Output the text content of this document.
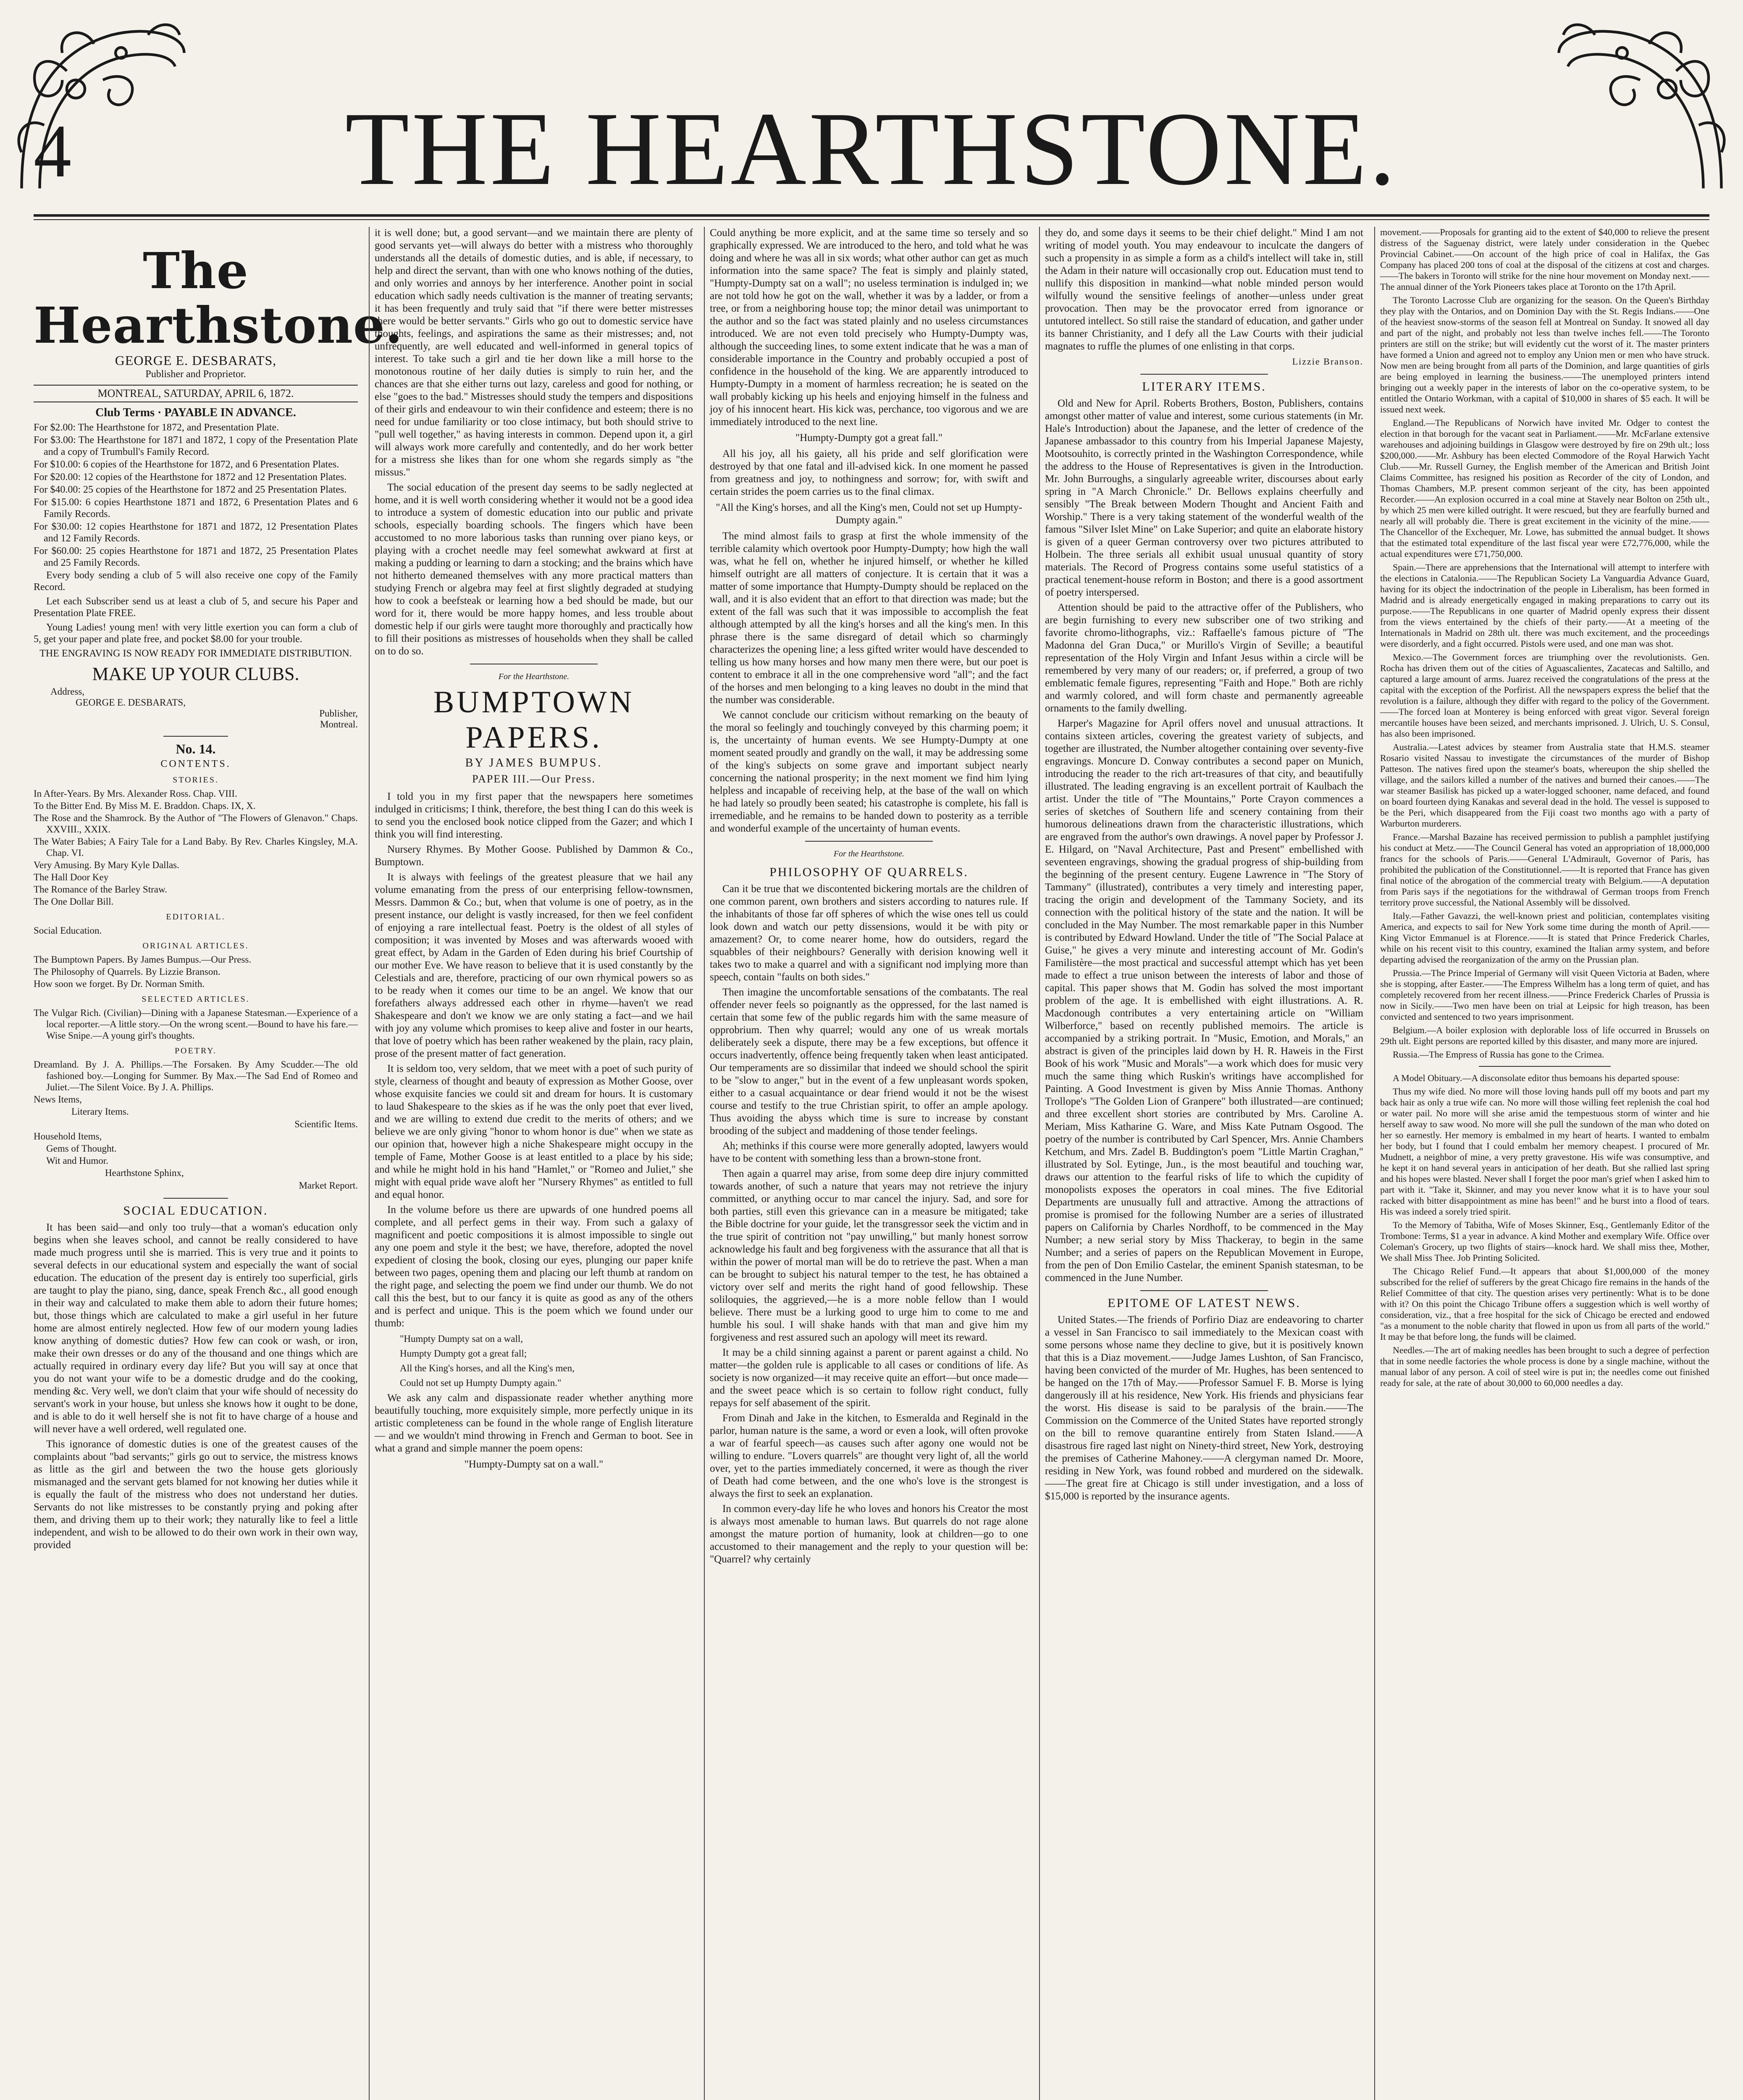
4	THE HEARTHSTONE.
The Hearthstone.
GEORGE E. DESBARATS,
Publisher and Proprietor.
MONTREAL, SATURDAY, APRIL 6, 1872.
Club Terms · PAYABLE IN ADVANCE.

For $2.00: The Hearthstone for 1872, and Presentation Plate.

For $3.00: The Hearthstone for 1871 and 1872, 1 copy of the Presentation Plate and a copy of Trumbull's Family Record.

For $10.00: 6 copies of the Hearthstone for 1872, and 6 Presentation Plates.

For $20.00: 12 copies of the Hearthstone for 1872 and 12 Presentation Plates.

For $40.00: 25 copies of the Hearthstone for 1872 and 25 Presentation Plates.

For $15.00: 6 copies Hearthstone 1871 and 1872, 6 Presentation Plates and 6 Family Records.

For $30.00: 12 copies Hearthstone for 1871 and 1872, 12 Presentation Plates and 12 Family Records.

For $60.00: 25 copies Hearthstone for 1871 and 1872, 25 Presentation Plates and 25 Family Records.

Every body sending a club of 5 will also receive one copy of the Family Record.

Let each Subscriber send us at least a club of 5, and secure his Paper and Presentation Plate FREE.

Young Ladies! young men! with very little exertion you can form a club of 5, get your paper and plate free, and pocket $8.00 for your trouble.

THE ENGRAVING IS NOW READY FOR IMMEDIATE DISTRIBUTION.

MAKE UP YOUR CLUBS.
Address,
GEORGE E. DESBARATS,
Publisher,
Montreal.
No. 14.
CONTENTS.
STORIES.

In After-Years. By Mrs. Alexander Ross. Chap. VIII.

To the Bitter End. By Miss M. E. Braddon. Chaps. IX, X.

The Rose and the Shamrock. By the Author of "The Flowers of Glenavon." Chaps. XXVIII., XXIX.

The Water Babies; A Fairy Tale for a Land Baby. By Rev. Charles Kingsley, M.A. Chap. VI.

Very Amusing. By Mary Kyle Dallas.

The Hall Door Key

The Romance of the Barley Straw.

The One Dollar Bill.

EDITORIAL.

Social Education.

ORIGINAL ARTICLES.

The Bumptown Papers. By James Bumpus.—Our Press.

The Philosophy of Quarrels. By Lizzie Branson.

How soon we forget. By Dr. Norman Smith.

SELECTED ARTICLES.

The Vulgar Rich. (Civilian)—Dining with a Japanese Statesman.—Experience of a local reporter.—A little story.—On the wrong scent.—Bound to have his fare.—Wise Snipe.—A young girl's thoughts.

POETRY.

Dreamland. By J. A. Phillips.—The Forsaken. By Amy Scudder.—The old fashioned boy.—Longing for Summer. By Max.—The Sad End of Romeo and Juliet.—The Silent Voice. By J. A. Phillips.

News Items,

Literary Items.

Scientific Items.

Household Items,

Gems of Thought.

Wit and Humor.

Hearthstone Sphinx,

Market Report.

SOCIAL EDUCATION.

It has been said—and only too truly—that a woman's education only begins when she leaves school, and cannot be really considered to have made much progress until she is married. This is very true and it points to several defects in our educational system and especially the want of social education. The education of the present day is entirely too superficial, girls are taught to play the piano, sing, dance, speak French &c., all good enough in their way and calculated to make them able to adorn their future homes; but, those things which are calculated to make a girl useful in her future home are almost entirely neglected. How few of our modern young ladies know anything of domestic duties? How few can cook or wash, or iron, make their own dresses or do any of the thousand and one things which are actually required in ordinary every day life? But you will say at once that you do not want your wife to be a domestic drudge and do the cooking, mending &c. Very well, we don't claim that your wife should of necessity do servant's work in your house, but unless she knows how it ought to be done, and is able to do it well herself she is not fit to have charge of a house and will never have a well ordered, well regulated one.

This ignorance of domestic duties is one of the greatest causes of the complaints about "bad servants;" girls go out to service, the mistress knows as little as the girl and between the two the house gets gloriously mismanaged and the servant gets blamed for not knowing her duties while it is equally the fault of the mistress who does not understand her duties. Servants do not like mistresses to be constantly prying and poking after them, and driving them up to their work; they naturally like to feel a little independent, and wish to be allowed to do their own work in their own way, provided

it is well done; but, a good servant—and we maintain there are plenty of good servants yet—will always do better with a mistress who thoroughly understands all the details of domestic duties, and is able, if necessary, to help and direct the servant, than with one who knows nothing of the duties, and only worries and annoys by her interference. Another point in social education which sadly needs cultivation is the manner of treating servants; it has been frequently and truly said that "if there were better mistresses there would be better servants." Girls who go out to domestic service have thoughts, feelings, and aspirations the same as their mistresses; and, not unfrequently, are well educated and well-informed in general topics of interest. To take such a girl and tie her down like a mill horse to the monotonous routine of her daily duties is simply to ruin her, and the chances are that she either turns out lazy, careless and good for nothing, or else "goes to the bad." Mistresses should study the tempers and dispositions of their girls and endeavour to win their confidence and esteem; there is no need for undue familiarity or too close intimacy, but both should strive to "pull well together," as having interests in common. Depend upon it, a girl will always work more carefully and contentedly, and do her work better for a mistress she likes than for one whom she regards simply as "the missus."

The social education of the present day seems to be sadly neglected at home, and it is well worth considering whether it would not be a good idea to introduce a system of domestic education into our public and private schools, especially boarding schools. The fingers which have been accustomed to no more laborious tasks than running over piano keys, or playing with a crochet needle may feel somewhat awkward at first at making a pudding or learning to darn a stocking; and the brains which have not hitherto demeaned themselves with any more practical matters than studying French or algebra may feel at first slightly degraded at studying how to cook a beefsteak or learning how a bed should be made, but our word for it, there would be more happy homes, and less trouble about domestic help if our girls were taught more thoroughly and practically how to fill their positions as mistresses of households when they shall be called on to do so.

For the Hearthstone.
BUMPTOWN PAPERS.
BY JAMES BUMPUS.
PAPER III.—Our Press.

I told you in my first paper that the newspapers here sometimes indulged in criticisms; I think, therefore, the best thing I can do this week is to send you the enclosed book notice clipped from the Gazer; and which I think you will find interesting.

Nursery Rhymes. By Mother Goose. Published by Dammon & Co., Bumptown.

It is always with feelings of the greatest pleasure that we hail any volume emanating from the press of our enterprising fellow-townsmen, Messrs. Dammon & Co.; but, when that volume is one of poetry, as in the present instance, our delight is vastly increased, for then we feel confident of enjoying a rare intellectual feast. Poetry is the oldest of all styles of composition; it was invented by Moses and was afterwards wooed with great effect, by Adam in the Garden of Eden during his brief Courtship of our mother Eve. We have reason to believe that it is used constantly by the Celestials and are, therefore, practicing of our own rhymical powers so as to be ready when it comes our time to be an angel. We know that our forefathers always addressed each other in rhyme—haven't we read Shakespeare and don't we know we are only stating a fact—and we hail with joy any volume which promises to keep alive and foster in our hearts, that love of poetry which has been rather weakened by the plain, racy plain, prose of the present matter of fact generation.

It is seldom too, very seldom, that we meet with a poet of such purity of style, clearness of thought and beauty of expression as Mother Goose, over whose exquisite fancies we could sit and dream for hours. It is customary to laud Shakespeare to the skies as if he was the only poet that ever lived, and we are willing to extend due credit to the merits of others; and we believe we are only giving "honor to whom honor is due" when we state as our opinion that, however high a niche Shakespeare might occupy in the temple of Fame, Mother Goose is at least entitled to a place by his side; and while he might hold in his hand "Hamlet," or "Romeo and Juliet," she might with equal pride wave aloft her "Nursery Rhymes" as entitled to full and equal honor.

In the volume before us there are upwards of one hundred poems all complete, and all perfect gems in their way. From such a galaxy of magnificent and poetic compositions it is almost impossible to single out any one poem and style it the best; we have, therefore, adopted the novel expedient of closing the book, closing our eyes, plunging our paper knife between two pages, opening them and placing our left thumb at random on the right page, and selecting the poem we find under our thumb. We do not call this the best, but to our fancy it is quite as good as any of the others and is perfect and unique. This is the poem which we found under our thumb:

"Humpty Dumpty sat on a wall,

Humpty Dumpty got a great fall;

All the King's horses, and all the King's men,

Could not set up Humpty Dumpty again."

We ask any calm and dispassionate reader whether anything more beautifully touching, more exquisitely simple, more perfectly unique in its artistic completeness can be found in the whole range of English literature — and we wouldn't mind throwing in French and German to boot. See in what a grand and simple manner the poem opens:

"Humpty-Dumpty sat on a wall."

Could anything be more explicit, and at the same time so tersely and so graphically expressed. We are introduced to the hero, and told what he was doing and where he was all in six words; what other author can get as much information into the same space? The feat is simply and plainly stated, "Humpty-Dumpty sat on a wall"; no useless termination is indulged in; we are not told how he got on the wall, whether it was by a ladder, or from a tree, or from a neighboring house top; the minor detail was unimportant to the author and so the fact was stated plainly and no useless circumstances introduced. We are not even told precisely who Humpty-Dumpty was, although the succeeding lines, to some extent indicate that he was a man of considerable importance in the Country and probably occupied a post of confidence in the household of the king. We are apparently introduced to Humpty-Dumpty in a moment of harmless recreation; he is seated on the wall probably kicking up his heels and enjoying himself in the fulness and joy of his innocent heart. His kick was, perchance, too vigorous and we are immediately introduced to the next line.

"Humpty-Dumpty got a great fall."

All his joy, all his gaiety, all his pride and self glorification were destroyed by that one fatal and ill-advised kick. In one moment he passed from greatness and joy, to nothingness and sorrow; for, with swift and certain strides the poem carries us to the final climax.

"All the King's horses, and all the King's men, Could not set up Humpty-Dumpty again."

The mind almost fails to grasp at first the whole immensity of the terrible calamity which overtook poor Humpty-Dumpty; how high the wall was, what he fell on, whether he injured himself, or whether he killed himself outright are all matters of conjecture. It is certain that it was a matter of some importance that Humpty-Dumpty should be replaced on the wall, and it is also evident that an effort to that direction was made; but the extent of the fall was such that it was impossible to accomplish the feat although attempted by all the king's horses and all the king's men. In this phrase there is the same disregard of detail which so charmingly characterizes the opening line; a less gifted writer would have descended to telling us how many horses and how many men there were, but our poet is content to embrace it all in the one comprehensive word "all"; and the fact of the horses and men belonging to a king leaves no doubt in the mind that the number was considerable.

We cannot conclude our criticism without remarking on the beauty of the moral so feelingly and touchingly conveyed by this charming poem; it is, the uncertainty of human events. We see Humpty-Dumpty at one moment seated proudly and grandly on the wall, it may be addressing some of the king's subjects on some grave and important subject nearly concerning the national prosperity; in the next moment we find him lying helpless and incapable of receiving help, at the base of the wall on which he had lately so proudly been seated; his catastrophe is complete, his fall is irremediable, and he remains to be handed down to posterity as a terrible and wonderful example of the uncertainty of human events.

For the Hearthstone.
PHILOSOPHY OF QUARRELS.

Can it be true that we discontented bickering mortals are the children of one common parent, own brothers and sisters according to natures rule. If the inhabitants of those far off spheres of which the wise ones tell us could look down and watch our petty dissensions, would it be with pity or amazement? Or, to come nearer home, how do outsiders, regard the squabbles of their neighbours? Generally with derision knowing well it takes two to make a quarrel and with a significant nod implying more than speech, contain "faults on both sides."

Then imagine the uncomfortable sensations of the combatants. The real offender never feels so poignantly as the oppressed, for the last named is certain that some few of the public regards him with the same measure of opprobrium. Then why quarrel; would any one of us wreak mortals deliberately seek a dispute, there may be a few exceptions, but offence it occurs inadvertently, offence being frequently taken when least anticipated. Our temperaments are so dissimilar that indeed we should school the spirit to be "slow to anger," but in the event of a few unpleasant words spoken, either to a casual acquaintance or dear friend would it not be the wisest course and testify to the true Christian spirit, to offer an ample apology. Thus avoiding the abyss which time is sure to increase by constant brooding of the subject and maddening of those tender feelings.

Ah; methinks if this course were more generally adopted, lawyers would have to be content with something less than a brown-stone front.

Then again a quarrel may arise, from some deep dire injury committed towards another, of such a nature that years may not retrieve the injury committed, or anything occur to mar cancel the injury. Sad, and sore for both parties, still even this grievance can in a measure be mitigated; take the Bible doctrine for your guide, let the transgressor seek the victim and in the true spirit of contrition not "pay unwilling," but manly honest sorrow acknowledge his fault and beg forgiveness with the assurance that all that is within the power of mortal man will be do to retrieve the past. When a man can be brought to subject his natural temper to the test, he has obtained a victory over self and merits the right hand of good fellowship. These soliloquies, the aggrieved,—he is a more noble fellow than I would believe. There must be a lurking good to urge him to come to me and humble his soul. I will shake hands with that man and give him my forgiveness and rest assured such an apology will meet its reward.

It may be a child sinning against a parent or parent against a child. No matter—the golden rule is applicable to all cases or conditions of life. As society is now organized—it may receive quite an effort—but once made—and the sweet peace which is so certain to follow right conduct, fully repays for self abasement of the spirit.

From Dinah and Jake in the kitchen, to Esmeralda and Reginald in the parlor, human nature is the same, a word or even a look, will often provoke a war of fearful speech—as causes such after agony one would not be willing to endure. "Lovers quarrels" are thought very light of, all the world over, yet to the parties immediately concerned, it were as though the river of Death had come between, and the one who's love is the strongest is always the first to seek an explanation.

In common every-day life he who loves and honors his Creator the most is always most amenable to human laws. But quarrels do not rage alone amongst the mature portion of humanity, look at children—go to one accustomed to their management and the reply to your question will be: "Quarrel? why certainly

they do, and some days it seems to be their chief delight." Mind I am not writing of model youth. You may endeavour to inculcate the dangers of such a propensity in as simple a form as a child's intellect will take in, still the Adam in their nature will occasionally crop out. Education must tend to nullify this disposition in mankind—what noble minded person would wilfully wound the sensitive feelings of another—unless under great provocation. Then may be the provocator erred from ignorance or untutored intellect. So still raise the standard of education, and gather under its banner Christianity, and I defy all the Law Courts with their judicial magnates to ruffle the plumes of one enlisting in that corps.

Lizzie Branson.
LITERARY ITEMS.

Old and New for April. Roberts Brothers, Boston, Publishers, contains amongst other matter of value and interest, some curious statements (in Mr. Hale's Introduction) about the Japanese, and the letter of credence of the Japanese ambassador to this country from his Imperial Japanese Majesty, Mootsouhito, is correctly printed in the Washington Correspondence, while the address to the House of Representatives is given in the Introduction. Mr. John Burroughs, a singularly agreeable writer, discourses about early spring in "A March Chronicle." Dr. Bellows explains cheerfully and sensibly "The Break between Modern Thought and Ancient Faith and Worship." There is a very taking statement of the wonderful wealth of the famous "Silver Islet Mine" on Lake Superior; and quite an elaborate history is given of a queer German controversy over two pictures attributed to Holbein. The three serials all exhibit usual unusual quantity of story materials. The Record of Progress contains some useful statistics of a practical tenement-house reform in Boston; and there is a good assortment of poetry interspersed.

Attention should be paid to the attractive offer of the Publishers, who are begin furnishing to every new subscriber one of two striking and favorite chromo-lithographs, viz.: Raffaelle's famous picture of "The Madonna del Gran Duca," or Murillo's Virgin of Seville; a beautiful representation of the Holy Virgin and Infant Jesus within a circle will be remembered by very many of our readers; or, if preferred, a group of two emblematic female figures, representing "Faith and Hope." Both are richly and warmly colored, and will form chaste and permanently agreeable ornaments to the family dwelling.

Harper's Magazine for April offers novel and unusual attractions. It contains sixteen articles, covering the greatest variety of subjects, and together are illustrated, the Number altogether containing over seventy-five engravings. Moncure D. Conway contributes a second paper on Munich, introducing the reader to the rich art-treasures of that city, and beautifully illustrated. The leading engraving is an excellent portrait of Kaulbach the artist. Under the title of "The Mountains," Porte Crayon commences a series of sketches of Southern life and scenery containing from their humorous delineations drawn from the characteristic illustrations, which are engraved from the author's own drawings. A novel paper by Professor J. E. Hilgard, on "Naval Architecture, Past and Present" embellished with seventeen engravings, showing the gradual progress of ship-building from the beginning of the present century. Eugene Lawrence in "The Story of Tammany" (illustrated), contributes a very timely and interesting paper, tracing the origin and development of the Tammany Society, and its connection with the political history of the state and the nation. It will be concluded in the May Number. The most remarkable paper in this Number is contributed by Edward Howland. Under the title of "The Social Palace at Guise," he gives a very minute and interesting account of Mr. Godin's Familistère—the most practical and successful attempt which has yet been made to effect a true unison between the interests of labor and those of capital. This paper shows that M. Godin has solved the most important problem of the age. It is embellished with eight illustrations. A. R. Macdonough contributes a very entertaining article on "William Wilberforce," based on recently published memoirs. The article is accompanied by a striking portrait. In "Music, Emotion, and Morals," an abstract is given of the principles laid down by H. R. Haweis in the First Book of his work "Music and Morals"—a work which does for music very much the same thing which Ruskin's writings have accomplished for Painting. A Good Investment is given by Miss Annie Thomas. Anthony Trollope's "The Golden Lion of Granpere" both illustrated—are continued; and three excellent short stories are contributed by Mrs. Caroline A. Meriam, Miss Katharine G. Ware, and Miss Kate Putnam Osgood. The poetry of the number is contributed by Carl Spencer, Mrs. Annie Chambers Ketchum, and Mrs. Zadel B. Buddington's poem "Little Martin Craghan," illustrated by Sol. Eytinge, Jun., is the most beautiful and touching war, draws our attention to the fearful risks of life to which the cupidity of monopolists exposes the operators in coal mines. The five Editorial Departments are unusually full and attractive. Among the attractions of promise is promised for the following Number are a series of illustrated papers on California by Charles Nordhoff, to be commenced in the May Number; a new serial story by Miss Thackeray, to begin in the same Number; and a series of papers on the Republican Movement in Europe, from the pen of Don Emilio Castelar, the eminent Spanish statesman, to be commenced in the June Number.

EPITOME OF LATEST NEWS.

United States.—The friends of Porfirio Diaz are endeavoring to charter a vessel in San Francisco to sail immediately to the Mexican coast with some persons whose name they decline to give, but it is positively known that this is a Diaz movement.——Judge James Lushton, of San Francisco, having been convicted of the murder of Mr. Hughes, has been sentenced to be hanged on the 17th of May.——Professor Samuel F. B. Morse is lying dangerously ill at his residence, New York. His friends and physicians fear the worst. His disease is said to be paralysis of the brain.——The Commission on the Commerce of the United States have reported strongly on the bill to remove quarantine entirely from Staten Island.——A disastrous fire raged last night on Ninety-third street, New York, destroying the premises of Catherine Mahoney.——A clergyman named Dr. Moore, residing in New York, was found robbed and murdered on the sidewalk.——The great fire at Chicago is still under investigation, and a loss of $15,000 is reported by the insurance agents.

movement.——Proposals for granting aid to the extent of $40,000 to relieve the present distress of the Saguenay district, were lately under consideration in the Quebec Provincial Cabinet.——On account of the high price of coal in Halifax, the Gas Company has placed 200 tons of coal at the disposal of the citizens at cost and charges.——The bakers in Toronto will strike for the nine hour movement on Monday next.——The annual dinner of the York Pioneers takes place at Toronto on the 17th April.

The Toronto Lacrosse Club are organizing for the season. On the Queen's Birthday they play with the Ontarios, and on Dominion Day with the St. Regis Indians.——One of the heaviest snow-storms of the season fell at Montreal on Sunday. It snowed all day and part of the night, and probably not less than twelve inches fell.——The Toronto printers are still on the strike; but will evidently cut the worst of it. The master printers have formed a Union and agreed not to employ any Union men or men who have struck. Now men are being brought from all parts of the Dominion, and large quantities of girls are being employed in learning the business.——The unemployed printers intend bringing out a weekly paper in the interests of labor on the co-operative system, to be entitled the Ontario Workman, with a capital of $10,000 in shares of $5 each. It will be issued next week.

England.—The Republicans of Norwich have invited Mr. Odger to contest the election in that borough for the vacant seat in Parliament.——Mr. McFarlane extensive warehouses and adjoining buildings in Glasgow were destroyed by fire on 29th ult.; loss $200,000.——Mr. Ashbury has been elected Commodore of the Royal Harwich Yacht Club.——Mr. Russell Gurney, the English member of the American and British Joint Claims Committee, has resigned his position as Recorder of the city of London, and Thomas Chambers, M.P. present common serjeant of the city, has been appointed Recorder.——An explosion occurred in a coal mine at Stavely near Bolton on 25th ult., by which 25 men were killed outright. It were rescued, but they are fearfully burned and nearly all will probably die. There is great excitement in the vicinity of the mine.——The Chancellor of the Exchequer, Mr. Lowe, has submitted the annual budget. It shows that the estimated total expenditure of the last fiscal year were £72,776,000, while the actual expenditures were £71,750,000.

Spain.—There are apprehensions that the International will attempt to interfere with the elections in Catalonia.——The Republican Society La Vanguardia Advance Guard, having for its object the indoctrination of the people in Liberalism, has been formed in Madrid and is already energetically engaged in making preparations to carry out its purpose.——The Republicans in one quarter of Madrid openly express their dissent from the views entertained by the chiefs of their party.——At a meeting of the Internationals in Madrid on 28th ult. there was much excitement, and the proceedings were disorderly, and a fight occurred. Pistols were used, and one man was shot.

Mexico.—The Government forces are triumphing over the revolutionists. Gen. Rocha has driven them out of the cities of Aguascalientes, Zacatecas and Saltillo, and captured a large amount of arms. Juarez received the congratulations of the press at the capital with the exception of the Porfirist. All the newspapers express the belief that the revolution is a failure, although they differ with regard to the policy of the Government.——The forced loan at Monterey is being enforced with great vigor. Several foreign mercantile houses have been seized, and merchants imprisoned. J. Ulrich, U. S. Consul, has also been imprisoned.

Australia.—Latest advices by steamer from Australia state that H.M.S. steamer Rosario visited Nassau to investigate the circumstances of the murder of Bishop Patteson. The natives fired upon the steamer's boats, whereupon the ship shelled the village, and the sailors killed a number of the natives and burned their canoes.——The war steamer Basilisk has picked up a water-logged schooner, name defaced, and found on board fourteen dying Kanakas and several dead in the hold. The vessel is supposed to be the Peri, which disappeared from the Fiji coast two months ago with a party of Warburton murderers.

France.—Marshal Bazaine has received permission to publish a pamphlet justifying his conduct at Metz.——The Council General has voted an appropriation of 18,000,000 francs for the schools of Paris.——General L'Admirault, Governor of Paris, has prohibited the publication of the Constitutionnel.——It is reported that France has given final notice of the abrogation of the commercial treaty with Belgium.——A deputation from Paris says if the negotiations for the withdrawal of German troops from French territory prove successful, the National Assembly will be dissolved.

Italy.—Father Gavazzi, the well-known priest and politician, contemplates visiting America, and expects to sail for New York some time during the month of April.——King Victor Emmanuel is at Florence.——It is stated that Prince Frederick Charles, while on his recent visit to this country, examined the Italian army system, and before departing advised the reorganization of the army on the Prussian plan.

Prussia.—The Prince Imperial of Germany will visit Queen Victoria at Baden, where she is stopping, after Easter.——The Empress Wilhelm has a long term of quiet, and has completely recovered from her recent illness.——Prince Frederick Charles of Prussia is now in Sicily.——Two men have been on trial at Leipsic for high treason, has been convicted and sentenced to two years imprisonment.

Belgium.—A boiler explosion with deplorable loss of life occurred in Brussels on 29th ult. Eight persons are reported killed by this disaster, and many more are injured.

Russia.—The Empress of Russia has gone to the Crimea.

A Model Obituary.—A disconsolate editor thus bemoans his departed spouse:

Thus my wife died. No more will those loving hands pull off my boots and part my back hair as only a true wife can. No more will those willing feet replenish the coal hod or water pail. No more will she arise amid the tempestuous storm of winter and hie herself away to saw wood. No more will she pull the sundown of the man who doted on her so earnestly. Her memory is embalmed in my heart of hearts. I wanted to embalm her body, but I found that I could embalm her memory cheapest. I procured of Mr. Mudnett, a neighbor of mine, a very pretty gravestone. His wife was consumptive, and he kept it on hand several years in anticipation of her death. But she rallied last spring and his hopes were blasted. Never shall I forget the poor man's grief when I asked him to part with it. "Take it, Skinner, and may you never know what it is to have your soul racked with bitter disappointment as mine has been!" and he burst into a flood of tears. His was indeed a sorely tried spirit.

To the Memory of Tabitha, Wife of Moses Skinner, Esq., Gentlemanly Editor of the Trombone: Terms, $1 a year in advance. A kind Mother and exemplary Wife. Office over Coleman's Grocery, up two flights of stairs—knock hard. We shall miss thee, Mother, We shall Miss Thee. Job Printing Solicited.

The Chicago Relief Fund.—It appears that about $1,000,000 of the money subscribed for the relief of sufferers by the great Chicago fire remains in the hands of the Relief Committee of that city. The question arises very pertinently: What is to be done with it? On this point the Chicago Tribune offers a suggestion which is well worthy of consideration, viz., that a free hospital for the sick of Chicago be erected and endowed "as a monument to the noble charity that flowed in upon us from all parts of the world." It may be that before long, the funds will be claimed.

Needles.—The art of making needles has been brought to such a degree of perfection that in some needle factories the whole process is done by a single machine, without the manual labor of any person. A coil of steel wire is put in; the needles come out finished ready for sale, at the rate of about 30,000 to 60,000 needles a day.
